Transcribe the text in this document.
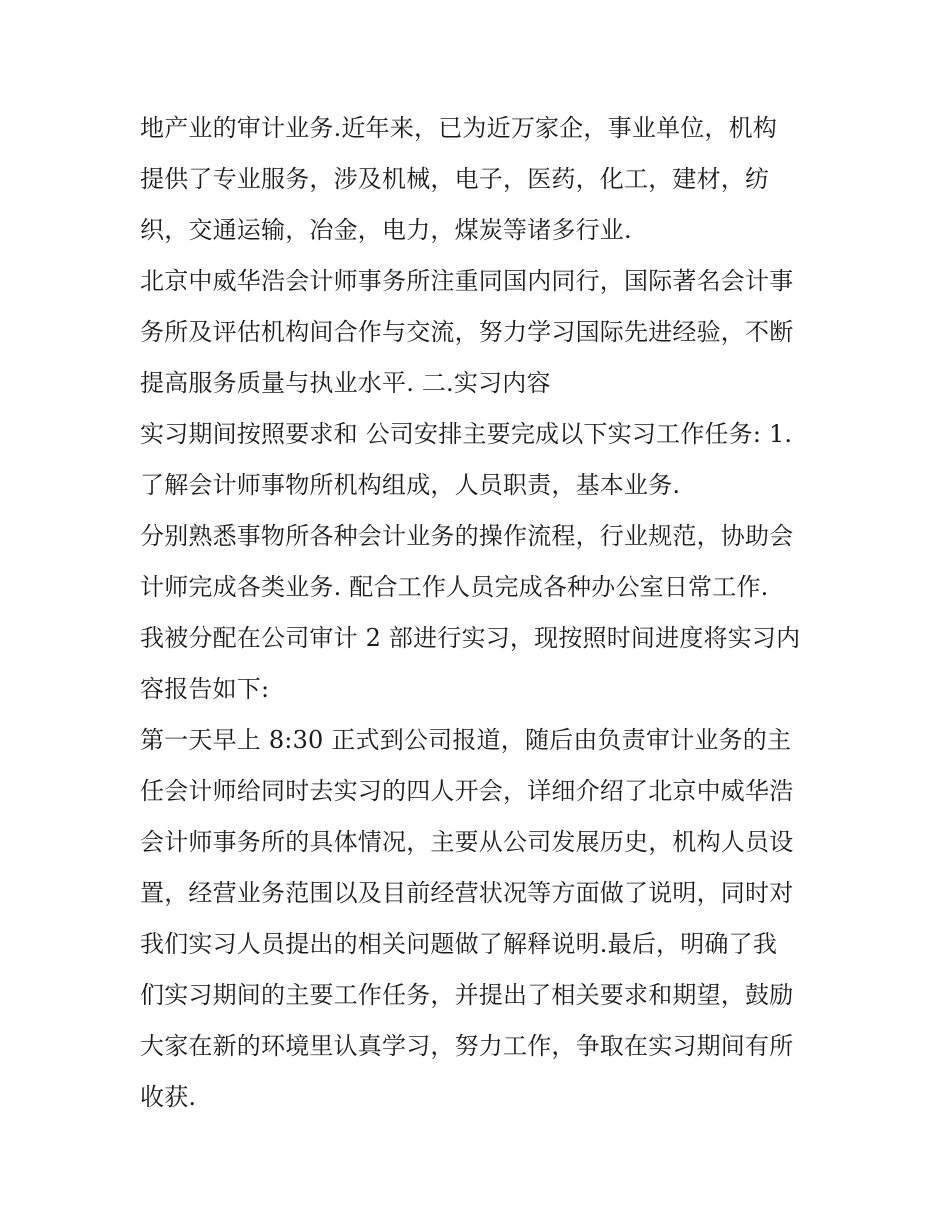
地产业的审计业务.近年来，已为近万家企，事业单位，机构
提供了专业服务，涉及机械，电子，医药，化工，建材，纺
织，交通运输，冶金，电力，煤炭等诸多行业.
北京中威华浩会计师事务所注重同国内同行，国际著名会计事
务所及评估机构间合作与交流，努力学习国际先进经验，不断
提高服务质量与执业水平. 二.实习内容
实习期间按照要求和 公司安排主要完成以下实习工作任务: 1.
了解会计师事物所机构组成，人员职责，基本业务.
分别熟悉事物所各种会计业务的操作流程，行业规范，协助会
计师完成各类业务. 配合工作人员完成各种办公室日常工作.
我被分配在公司审计 2 部进行实习，现按照时间进度将实习内
容报告如下:
第一天早上 8:30 正式到公司报道，随后由负责审计业务的主
任会计师给同时去实习的四人开会，详细介绍了北京中威华浩
会计师事务所的具体情况，主要从公司发展历史，机构人员设
置，经营业务范围以及目前经营状况等方面做了说明，同时对
我们实习人员提出的相关问题做了解释说明.最后，明确了我
们实习期间的主要工作任务，并提出了相关要求和期望，鼓励
大家在新的环境里认真学习，努力工作，争取在实习期间有所
收获.
